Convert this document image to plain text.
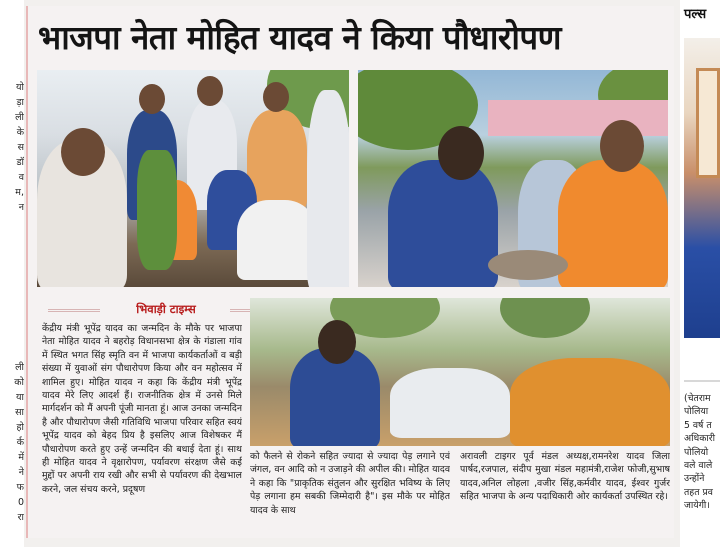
यो
ड़ा
ली
के
स
डॉ
व
म,
न
ली
को
या
सा
हो
र्क
में
ने
फ
0
रा
भाजपा नेता मोहित यादव ने किया पौधारोपण
भिवाड़ी टाइम्स
केंद्रीय मंत्री भूपेंद्र यादव का जन्मदिन के मौके पर भाजपा नेता मोहित यादव ने बहरोड़ विधानसभा क्षेत्र के गंडाला गांव में स्थित भगत सिंह स्मृति वन में भाजपा कार्यकर्ताओं व बड़ी संख्या में युवाओं संग पौधारोपण किया और वन महोत्सव में शामिल हुए। मोहित यादव न कहा कि केंद्रीय मंत्री भूपेंद्र यादव मेरे लिए आदर्श हैं। राजनीतिक क्षेत्र में उनसे मिले मार्गदर्शन को मैं अपनी पूंजी मानता हूं। आज उनका जन्मदिन है और पौधारोपण जैसी गतिविधि भाजपा परिवार सहित स्वयं भूपेंद्र यादव को बेहद प्रिय है इसलिए आज विशेषकर मैं पौधारोपण करते हुए उन्हें जन्मदिन की बधाई देता हूं। साथ ही मोहित यादव ने वृक्षारोपण, पर्यावरण संरक्षण जैसे कई मुद्दों पर अपनी राय रखी और सभी से पर्यावरण की देखभाल करने, जल संचय करने, प्रदूषण
को फैलने से रोकने सहित ज्यादा से ज्यादा पेड़ लगाने एवं जंगल, वन आदि को न उजाड़ने की अपील की। मोहित यादव ने कहा कि "प्राकृतिक संतुलन और सुरक्षित भविष्य के लिए पेड़ लगाना हम सबकी जिम्मेदारी है"। इस मौके पर मोहित यादव के साथ
अरावली टाइगर पूर्व मंडल अध्यक्ष,रामनरेश यादव जिला पार्षद,रजपाल, संदीप मुखा मंडल महामंत्री,राजेश फोजी,सुभाष यादव,अनिल लोहला ,वजीर सिंह,कर्मवीर यादव, ईश्वर गुर्जर सहित भाजपा के अन्य पदाधिकारी ओर कार्यकर्ता उपस्थित रहे।
पल्स
(चेतराम
पोलिया
5 वर्ष त
अधिकारी
पोलियो
वले वाले
उन्होंने
तहत प्रव
जायेगी।
